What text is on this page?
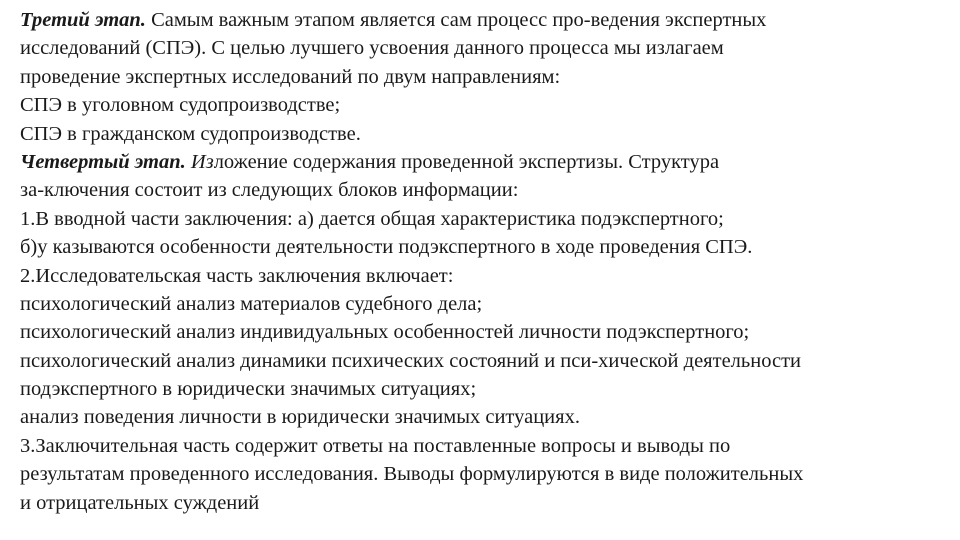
Третий этап. Самым важным этапом является сам процесс про-ведения экспертных
исследований (СПЭ). С целью лучшего усвоения данного процесса мы излагаем
проведение экспертных исследований по двум направлениям:
СПЭ в уголовном судопроизводстве;
СПЭ в гражданском судопроизводстве.
Четвертый этап. Изложение содержания проведенной экспертизы. Структура
за-ключения состоит из следующих блоков информации:
1.В вводной части заключения: а) дается общая характеристика подэкспертного;
б)у казываются особенности деятельности подэкспертного в ходе проведения СПЭ.
2.Исследовательская часть заключения включает:
психологический анализ материалов судебного дела;
психологический анализ индивидуальных особенностей личности подэкспертного;
психологический анализ динамики психических состояний и пси-хической деятельности
подэкспертного в юридически значимых ситуациях;
анализ поведения личности в юридически значимых ситуациях.
3.Заключительная часть содержит ответы на поставленные вопросы и выводы по
результатам проведенного исследования. Выводы формулируются в виде положительных
и отрицательных суждений
